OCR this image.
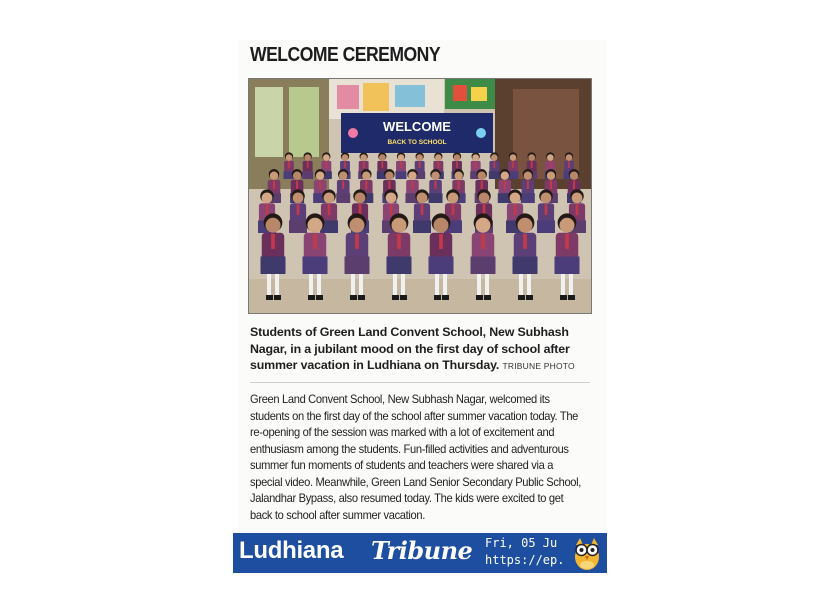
WELCOME CEREMONY
WELCOME
BACK TO SCHOOL
Students of Green Land Convent School, New Subhash Nagar, in a jubilant mood on the first day of school after summer vacation in Ludhiana on Thursday. TRIBUNE PHOTO
Green Land Convent School, New Subhash Nagar, welcomed its students on the first day of the school after summer vacation today. The re-opening of the session was marked with a lot of excitement and enthusiasm among the students. Fun-filled activities and adventurous summer fun moments of students and teachers were shared via a special video. Meanwhile, Green Land Senior Secondary Public School, Jalandhar Bypass, also resumed today. The kids were excited to get back to school after summer vacation.
Ludhiana Tribune Fri, 05 Ju
https://ep.
